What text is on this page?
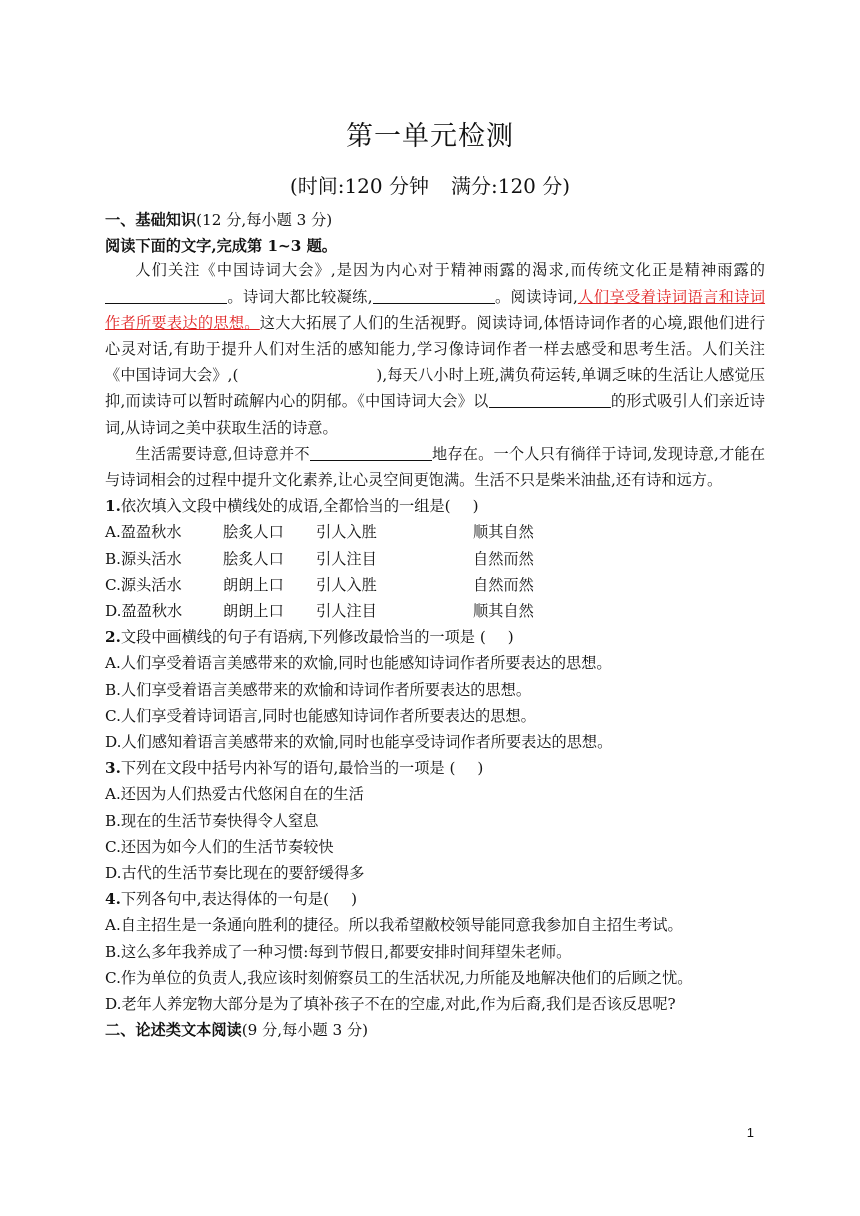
第一单元检测
(时间:120 分钟 满分:120 分)

一、基础知识(12 分,每小题 3 分)

阅读下面的文字,完成第 1~3 题。

人们关注《中国诗词大会》,是因为内心对于精神雨露的渴求,而传统文化正是精神雨露的。诗词大都比较凝练,	。阅读诗词,人们享受着诗词语言和诗词作者所要表达的思想。这大大拓展了人们的生活视野。阅读诗词,体悟诗词作者的心境,跟他们进行心灵对话,有助于提升人们对生活的感知能力,学习像诗词作者一样去感受和思考生活。人们关注《中国诗词大会》,(	),每天八小时上班,满负荷运转,单调乏味的生活让人感觉压抑,而读诗可以暂时疏解内心的阴郁。《中国诗词大会》以	的形式吸引人们亲近诗词,从诗词之美中获取生活的诗意。

生活需要诗意,但诗意并不	地存在。一个人只有徜徉于诗词,发现诗意,才能在与诗词相会的过程中提升文化素养,让心灵空间更饱满。生活不只是柴米油盐,还有诗和远方。

1.依次填入文段中横线处的成语,全都恰当的一组是( )

A.盈盈秋水	脍炙人口 引人入胜	顺其自然

B.源头活水	脍炙人口 引人注目	自然而然

C.源头活水	朗朗上口 引人入胜	自然而然

D.盈盈秋水	朗朗上口 引人注目	顺其自然

2.文段中画横线的句子有语病,下列修改最恰当的一项是 ( )

A.人们享受着语言美感带来的欢愉,同时也能感知诗词作者所要表达的思想。

B.人们享受着语言美感带来的欢愉和诗词作者所要表达的思想。

C.人们享受着诗词语言,同时也能感知诗词作者所要表达的思想。

D.人们感知着语言美感带来的欢愉,同时也能享受诗词作者所要表达的思想。

3.下列在文段中括号内补写的语句,最恰当的一项是 ( )

A.还因为人们热爱古代悠闲自在的生活

B.现在的生活节奏快得令人窒息

C.还因为如今人们的生活节奏较快

D.古代的生活节奏比现在的要舒缓得多

4.下列各句中,表达得体的一句是( )

A.自主招生是一条通向胜利的捷径。所以我希望敝校领导能同意我参加自主招生考试。

B.这么多年我养成了一种习惯:每到节假日,都要安排时间拜望朱老师。

C.作为单位的负责人,我应该时刻俯察员工的生活状况,力所能及地解决他们的后顾之忧。

D.老年人养宠物大部分是为了填补孩子不在的空虚,对此,作为后裔,我们是否该反思呢?

二、论述类文本阅读(9 分,每小题 3 分)

1
